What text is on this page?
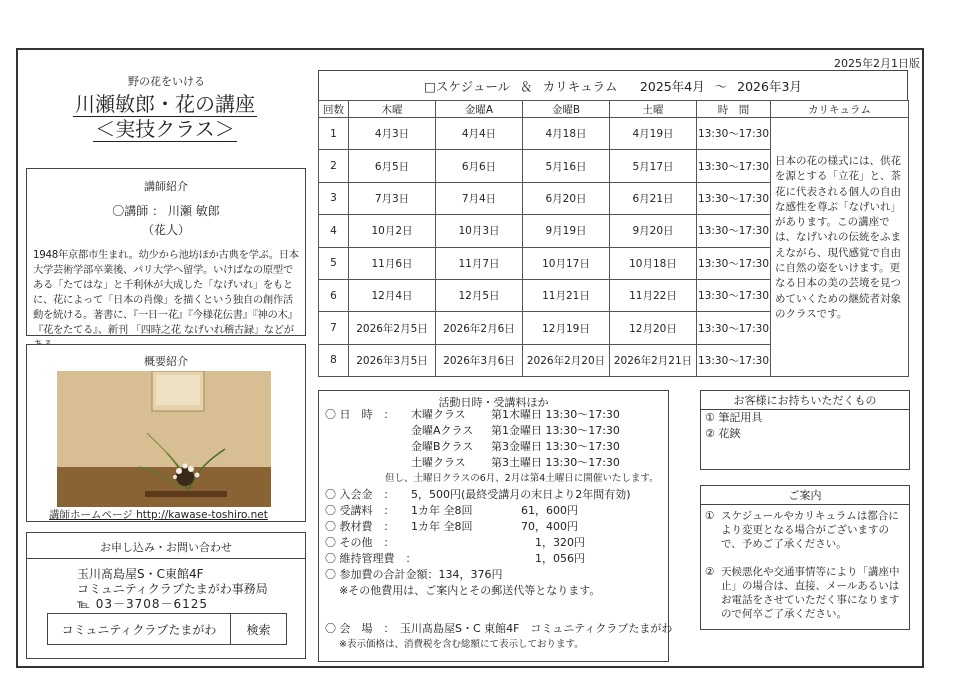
2025年2月1日版
野の花をいける
川瀬敏郎・花の講座
＜実技クラス＞
講師紹介
〇講師 ： 川瀬 敏郎
（花人）
1948年京都市生まれ。幼少から池坊ほか古典を学ぶ。日本大学芸術学部卒業後、パリ大学へ留学。いけばなの原型である「たてはな」と千利休が大成した「なげいれ」をもとに、花によって「日本の肖像」を描くという独自の創作活動を続ける。著書に、『一日一花』『今様花伝書』『神の木』『花をたてる』、新刊 「四時之花 なげいれ稽古録」などが
概要紹介
講師ホームページ http://kawase-toshiro.net
お申し込み・お問い合わせ
玉川髙島屋S・C東館4F
コミュニティクラブたまがわ事務局
℡ 03－3708－6125
コミュニティクラブたまがわ	検索
□スケジュール ＆ カリキュラム　 2025年4月 ～ 2026年3月
回数	木曜	金曜A	金曜B	土曜	時　間	カリキュラム
1	4月3日	4月4日	4月18日	4月19日	13:30～17:30	日本の花の様式には、供花を源とする「立花」と、茶花に代表される個人の自由な感性を尊ぶ「なげいれ」があります。この講座では、なげいれの伝統をふまえながら、現代感覚で自由に自然の姿をいけます。更なる日本の美の芸境を見つめていくための継続者対象のクラスです。
2	6月5日	6月6日	5月16日	5月17日	13:30～17:30	
3	7月3日	7月4日	6月20日	6月21日	13:30～17:30	
4	10月2日	10月3日	9月19日	9月20日	13:30～17:30	
5	11月6日	11月7日	10月17日	10月18日	13:30～17:30	
6	12月4日	12月5日	11月21日	11月22日	13:30～17:30	
7	2026年2月5日	2026年2月6日	12月19日	12月20日	13:30～17:30	
8	2026年3月5日	2026年3月6日	2026年2月20日	2026年2月21日	13:30～17:30	
活動日時・受講料ほか
〇 日　時　： 木曜クラス 第1木曜日 13:30～17:30
金曜Aクラス 第1金曜日 13:30～17:30
金曜Bクラス 第3金曜日 13:30～17:30
土曜クラス 第3土曜日 13:30～17:30
但し、土曜日クラスの6月、2月は第4土曜日に開催いたします。
〇 入会金　： 5，500円(最終受講月の末日より2年間有効)
〇 受講料　： 1カ年 全8回	61，600円
〇 教材費　： 1カ年 全8回	70，400円
〇 その他　：	1，320円
〇 維持管理費　：	1，056円
〇 参加費の合計金額：134，376円
※その他費用は、ご案内とその郵送代等となります。
〇 会　場　：　玉川髙島屋S・C 東館4F　コミュニティクラブたまがわ
※表示価格は、消費税を含む総額にて表示しております。
お客様にお持ちいただくもの
① 筆記用具
② 花鋏
ご案内
① スケジュールやカリキュラムは都合により変更となる場合がございますので、予めご了承ください。
② 天候悪化や交通事情等により「講座中止」の場合は、直接、メールあるいはお電話をさせていただく事になりますので何卒ご了承ください。
